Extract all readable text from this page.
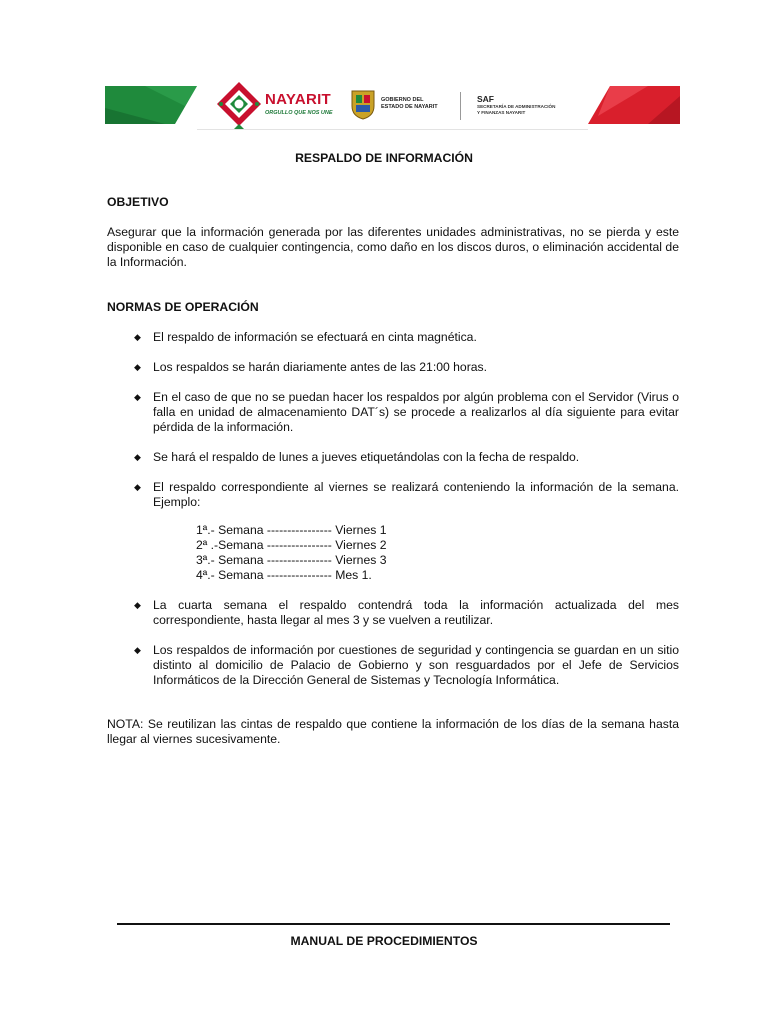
NAYARIT
ORGULLO QUE NOS UNE
GOBIERNO DEL
ESTADO DE NAYARIT
SAF
SECRETARÍA DE ADMINISTRACIÓN
Y FINANZAS NAYARIT
RESPALDO DE INFORMACIÓN
OBJETIVO
Asegurar que la información generada por las diferentes unidades administrativas, no se pierda y este disponible en caso de cualquier contingencia, como daño en los discos duros, o eliminación accidental de la Información.
NORMAS DE OPERACIÓN
◆ El respaldo de información se efectuará en cinta magnética.
◆ Los respaldos se harán diariamente antes de las 21:00 horas.
◆ En el caso de que no se puedan hacer los respaldos por algún problema con el Servidor (Virus o falla en unidad de almacenamiento DAT´s) se procede a realizarlos al día siguiente para evitar pérdida de la información.
◆ Se hará el respaldo de lunes a jueves etiquetándolas con la fecha de respaldo.
◆ El respaldo correspondiente al viernes se realizará conteniendo la información de la semana. Ejemplo:
◆ La cuarta semana el respaldo contendrá toda la información actualizada del mes correspondiente, hasta llegar al mes 3 y se vuelven a reutilizar.
◆ Los respaldos de información por cuestiones de seguridad y contingencia se guardan en un sitio distinto al domicilio de Palacio de Gobierno y son resguardados por el Jefe de Servicios Informáticos de la Dirección General de Sistemas y Tecnología Informática.
1ª.- Semana ---------------- Viernes 1
2ª .-Semana ---------------- Viernes 2
3ª.- Semana ---------------- Viernes 3
4ª.- Semana ---------------- Mes 1.
NOTA: Se reutilizan las cintas de respaldo que contiene la información de los días de la semana hasta llegar al viernes sucesivamente.
MANUAL DE PROCEDIMIENTOS
